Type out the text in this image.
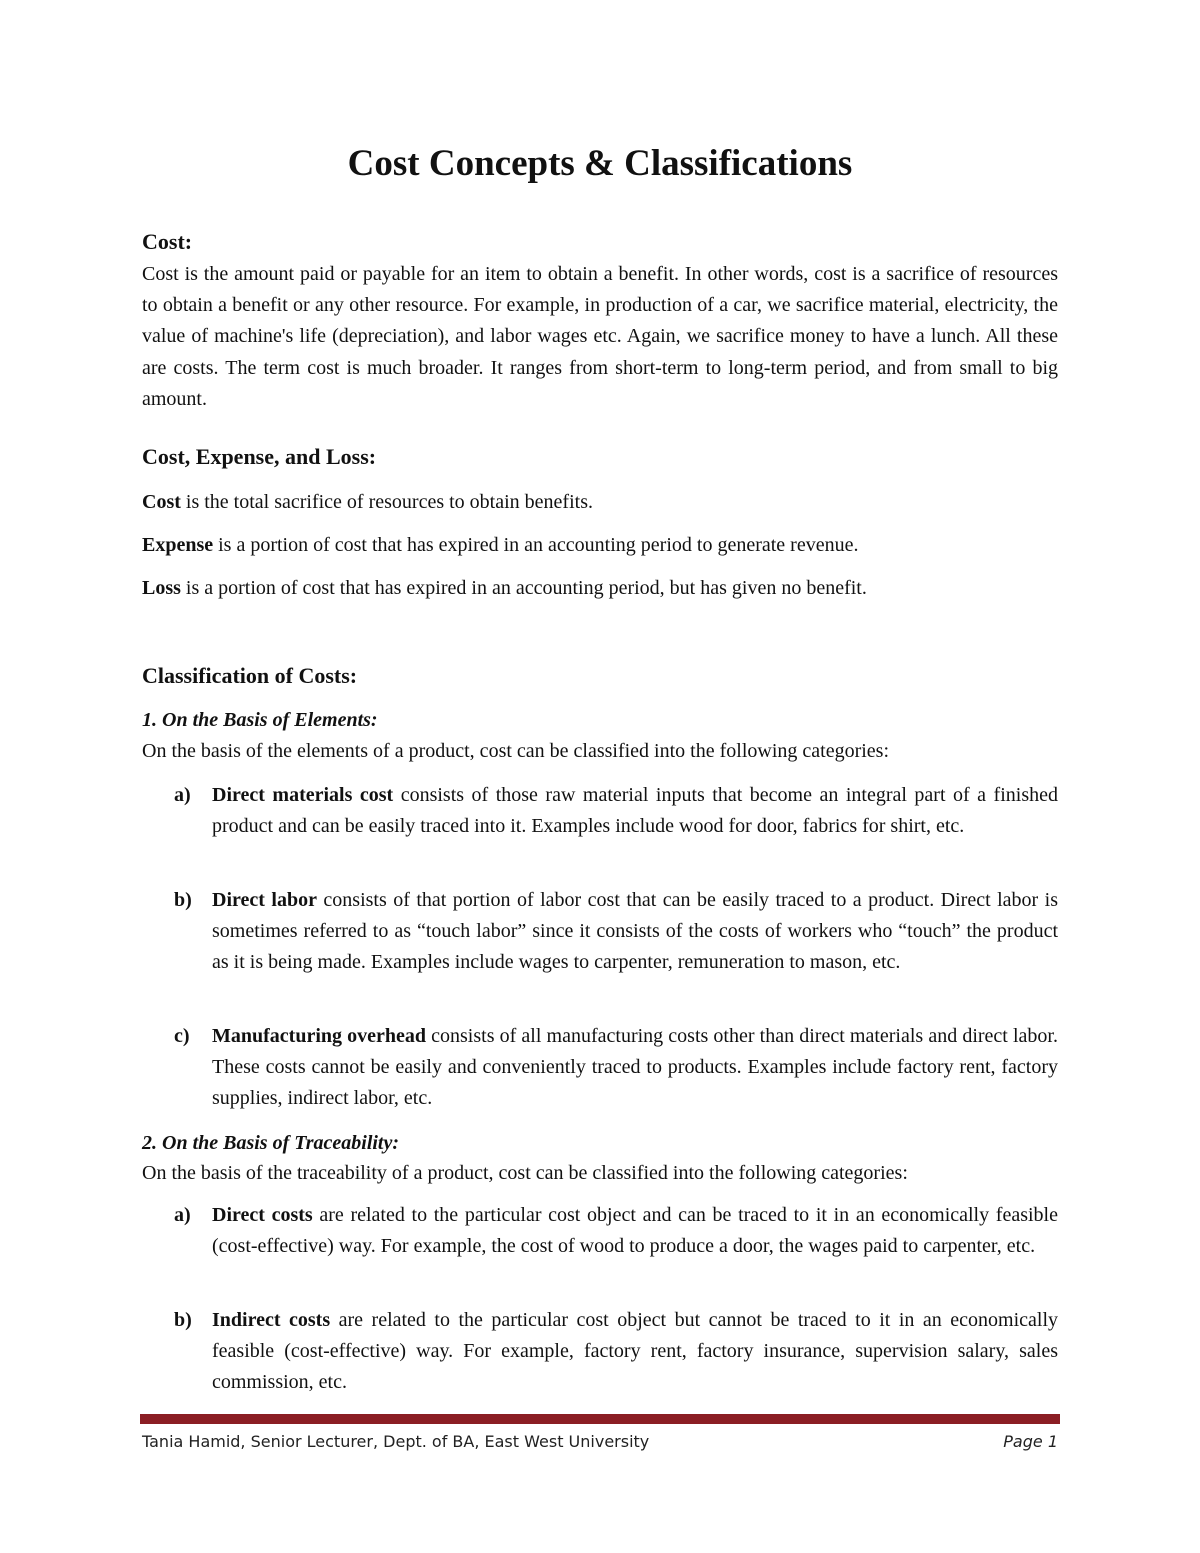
Cost Concepts & Classifications
Cost:
Cost is the amount paid or payable for an item to obtain a benefit. In other words, cost is a sacrifice of resources to obtain a benefit or any other resource. For example, in production of a car, we sacrifice material, electricity, the value of machine's life (depreciation), and labor wages etc. Again, we sacrifice money to have a lunch. All these are costs. The term cost is much broader. It ranges from short-term to long-term period, and from small to big amount.
Cost, Expense, and Loss:
Cost is the total sacrifice of resources to obtain benefits.
Expense is a portion of cost that has expired in an accounting period to generate revenue.
Loss is a portion of cost that has expired in an accounting period, but has given no benefit.
Classification of Costs:
1. On the Basis of Elements:
On the basis of the elements of a product, cost can be classified into the following categories:
a) Direct materials cost consists of those raw material inputs that become an integral part of a finished product and can be easily traced into it. Examples include wood for door, fabrics for shirt, etc.
b) Direct labor consists of that portion of labor cost that can be easily traced to a product. Direct labor is sometimes referred to as “touch labor” since it consists of the costs of workers who “touch” the product as it is being made. Examples include wages to carpenter, remuneration to mason, etc.
c) Manufacturing overhead consists of all manufacturing costs other than direct materials and direct labor. These costs cannot be easily and conveniently traced to products. Examples include factory rent, factory supplies, indirect labor, etc.
2. On the Basis of Traceability:
On the basis of the traceability of a product, cost can be classified into the following categories:
a) Direct costs are related to the particular cost object and can be traced to it in an economically feasible (cost-effective) way. For example, the cost of wood to produce a door, the wages paid to carpenter, etc.
b) Indirect costs are related to the particular cost object but cannot be traced to it in an economically feasible (cost-effective) way. For example, factory rent, factory insurance, supervision salary, sales commission, etc.
Tania Hamid, Senior Lecturer, Dept. of BA, East West University	Page 1
